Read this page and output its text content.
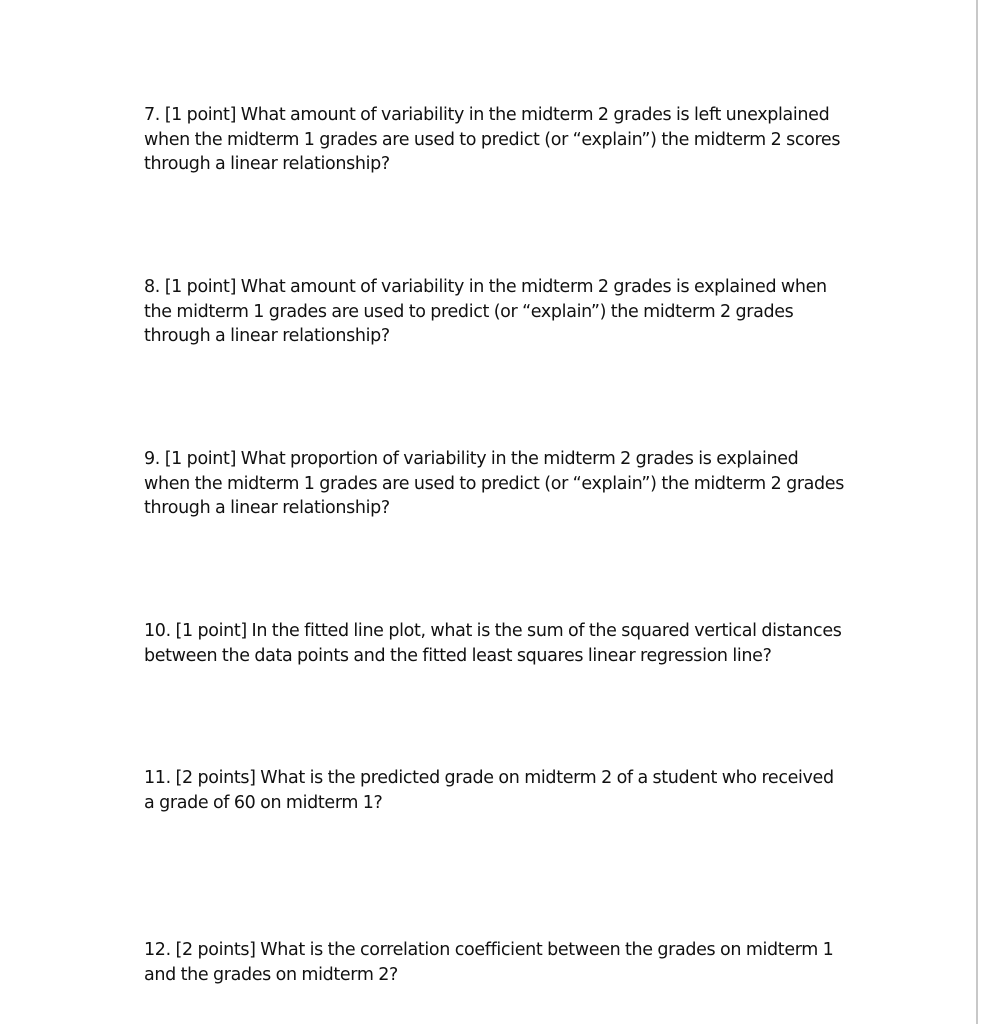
7. [1 point] What amount of variability in the midterm 2 grades is left unexplained when the midterm 1 grades are used to predict (or “explain”) the midterm 2 scores through a linear relationship?

8. [1 point] What amount of variability in the midterm 2 grades is explained when the midterm 1 grades are used to predict (or “explain”) the midterm 2 grades through a linear relationship?

9. [1 point] What proportion of variability in the midterm 2 grades is explained when the midterm 1 grades are used to predict (or “explain”) the midterm 2 grades through a linear relationship?

10. [1 point] In the fitted line plot, what is the sum of the squared vertical distances between the data points and the fitted least squares linear regression line?

11. [2 points] What is the predicted grade on midterm 2 of a student who received a grade of 60 on midterm 1?

12. [2 points] What is the correlation coefficient between the grades on midterm 1 and the grades on midterm 2?
